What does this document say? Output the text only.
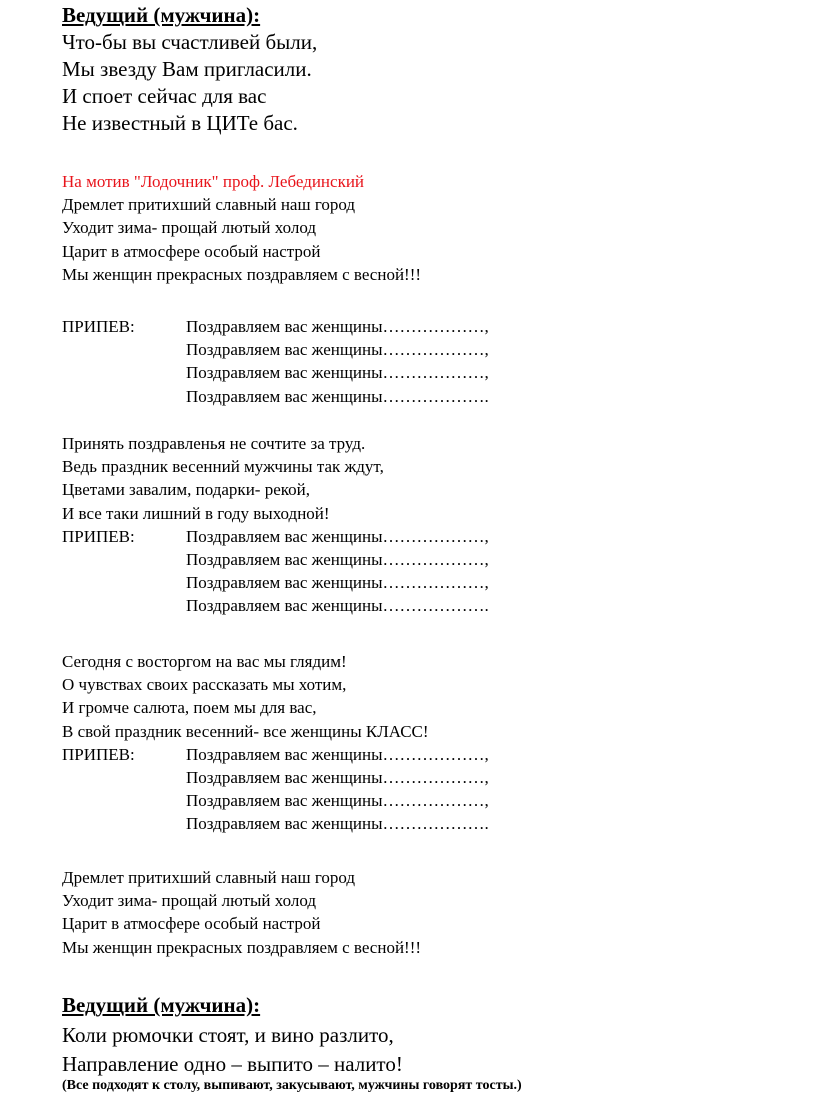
Ведущий (мужчина):

Что-бы вы счастливей были,

Мы звезду Вам пригласили.

И споет сейчас для вас

Не известный в ЦИТе бас.

На мотив "Лодочник" проф. Лебединский

Дремлет притихший славный наш город

Уходит зима- прощай лютый холод

Царит в атмосфере особый настрой

Мы женщин прекрасных поздравляем с весной!!!

ПРИПЕВ:	Поздравляем вас женщины………………,
Поздравляем вас женщины………………,
Поздравляем вас женщины………………,
Поздравляем вас женщины……………….

Принять поздравленья не сочтите за труд.

Ведь праздник весенний мужчины так ждут,

Цветами завалим, подарки- рекой,

И все таки лишний в году выходной!

ПРИПЕВ:	Поздравляем вас женщины………………,
Поздравляем вас женщины………………,
Поздравляем вас женщины………………,
Поздравляем вас женщины……………….

Сегодня с восторгом на вас мы глядим!

О чувствах своих рассказать мы хотим,

И громче салюта, поем мы для вас,

В свой праздник весенний- все женщины КЛАСС!

ПРИПЕВ:	Поздравляем вас женщины………………,
Поздравляем вас женщины………………,
Поздравляем вас женщины………………,
Поздравляем вас женщины……………….

Дремлет притихший славный наш город

Уходит зима- прощай лютый холод

Царит в атмосфере особый настрой

Мы женщин прекрасных поздравляем с весной!!!

Ведущий (мужчина):

Коли рюмочки стоят, и вино разлито,

Направление одно – выпито – налито!

(Все подходят к столу, выпивают, закусывают, мужчины говорят тосты.)
